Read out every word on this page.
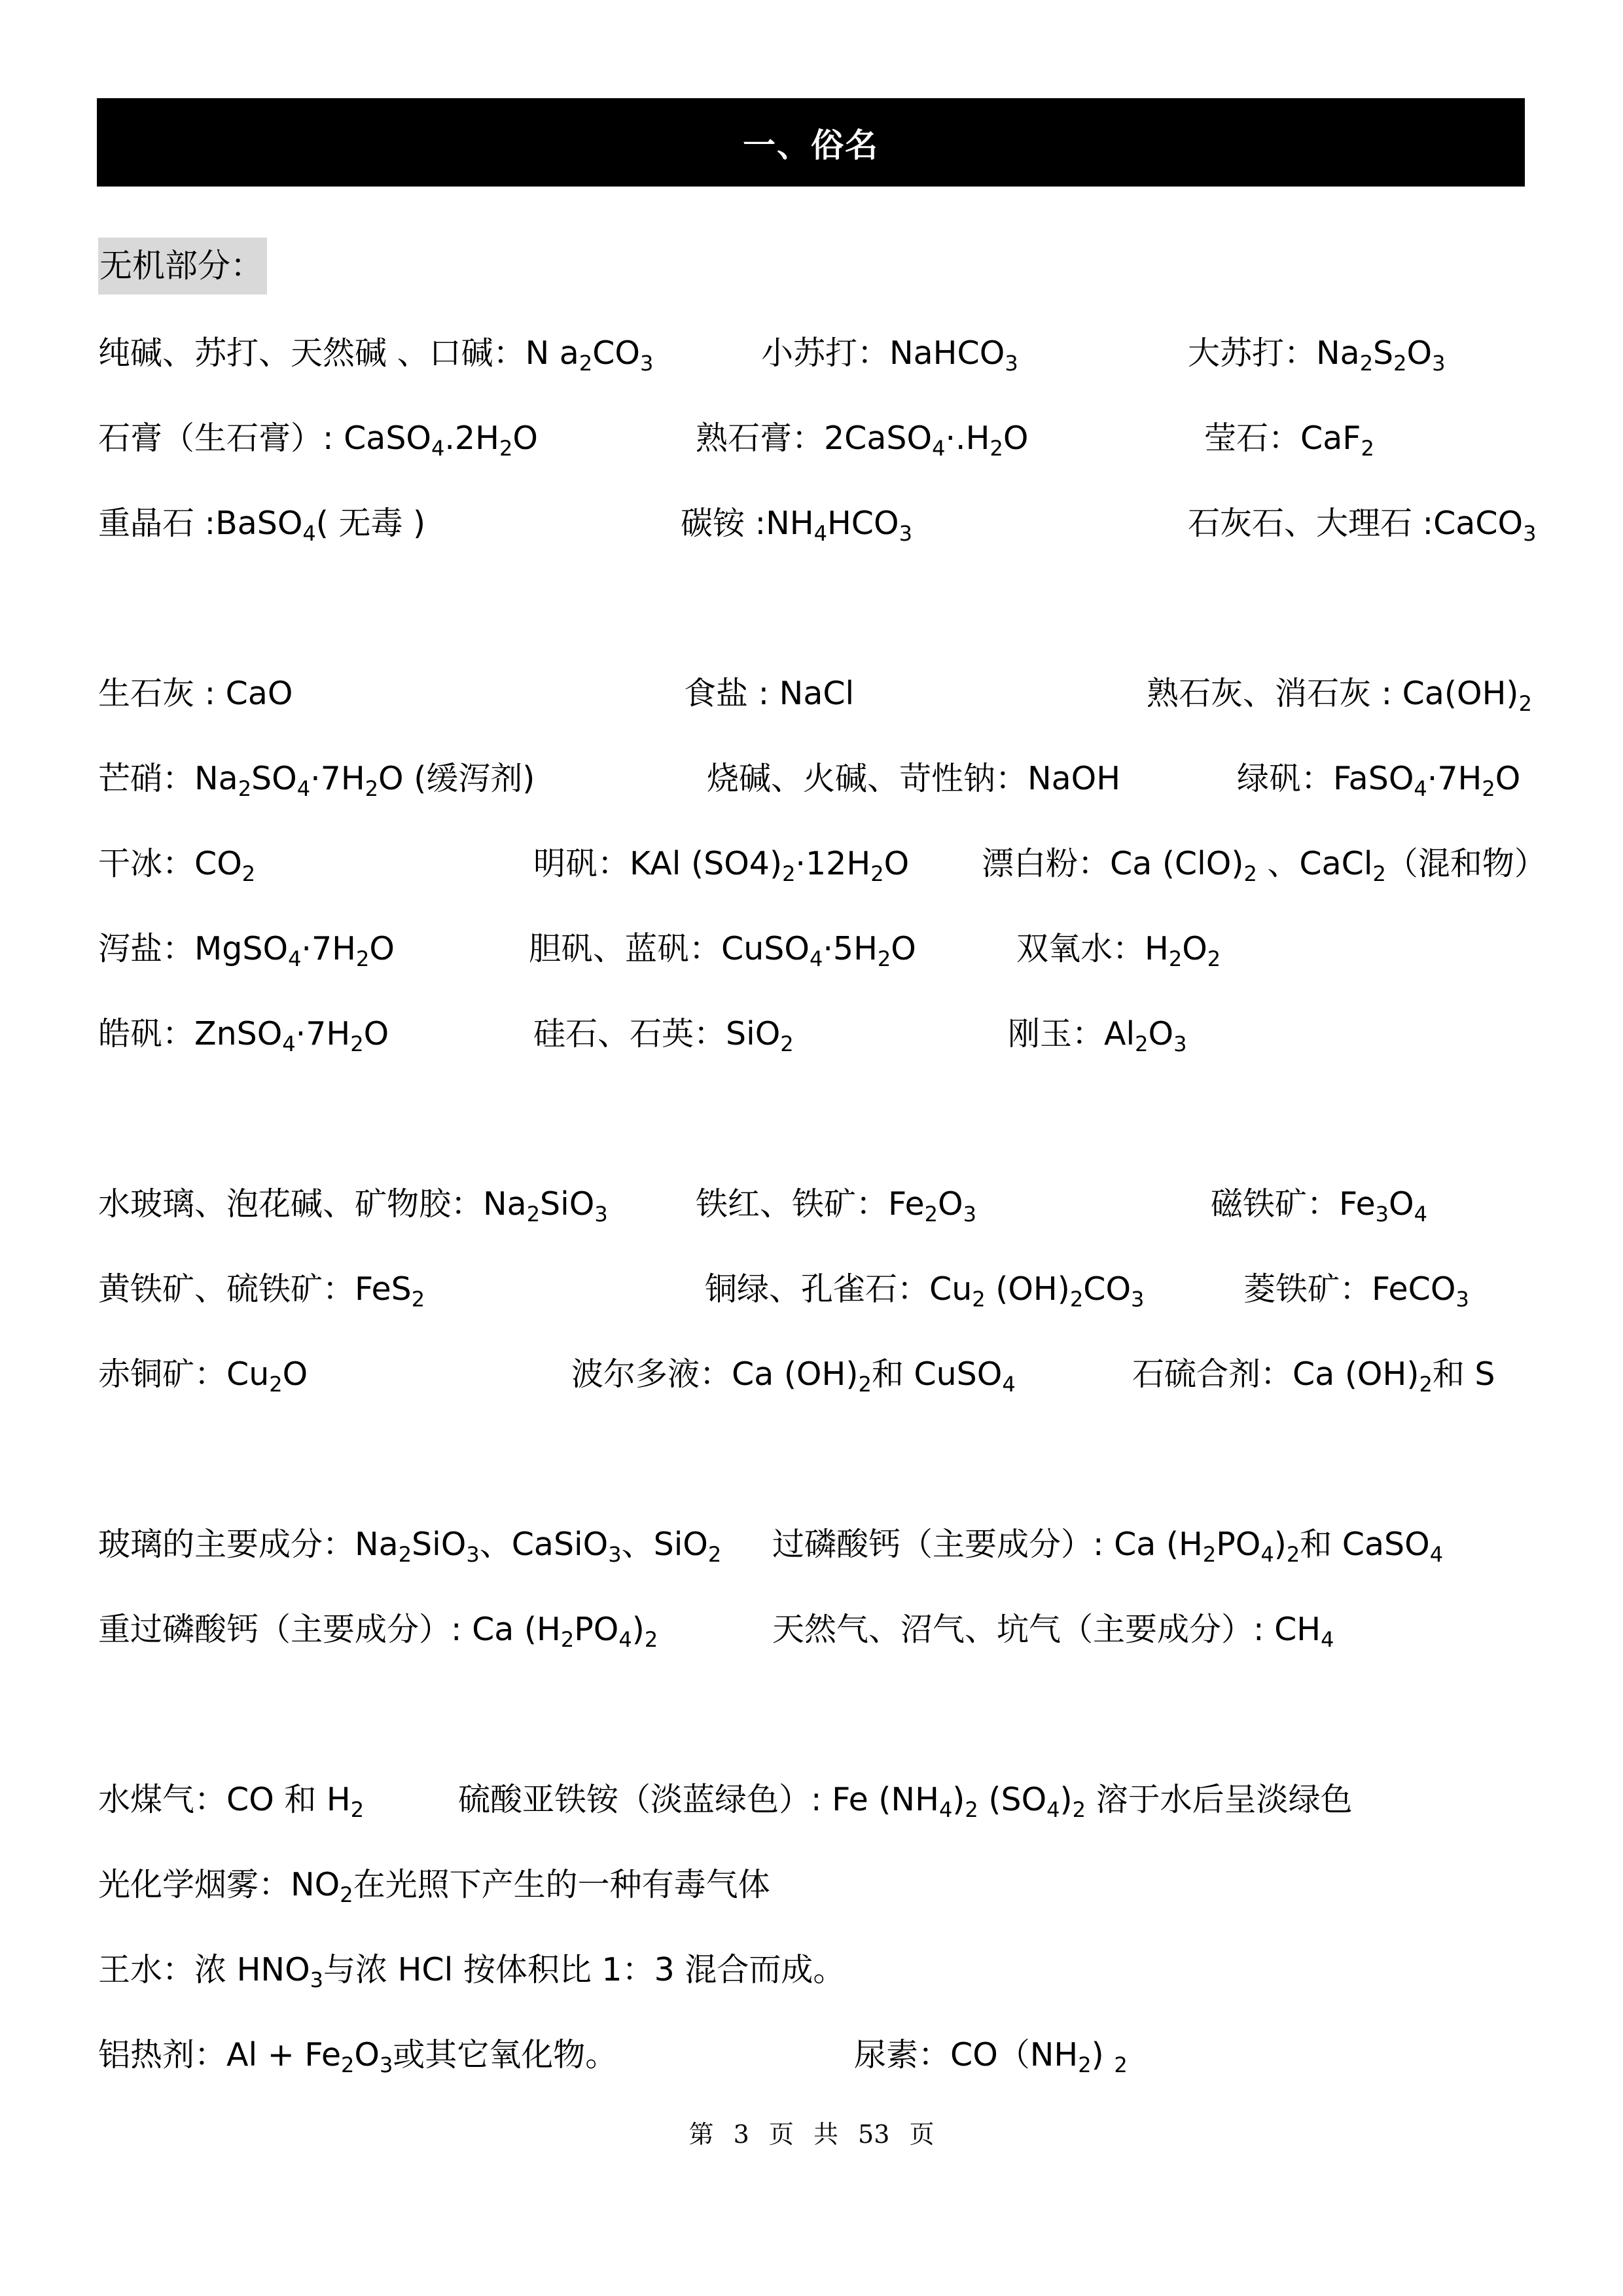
一、俗名
无机部分：
纯碱、苏打、天然碱 、口碱：N $a_2CO_3$	小苏打：NaHCO$_3$	大苏打：$Na_2S_2O_3$
石膏（生石膏）: $CaSO_4.2H_2O$	熟石膏：$2CaSO_4\cdot.H_2O$	莹石：CaF$_2$
重晶石 :BaSO$_4$( 无毒 )	碳铵 $:NH_4HCO_3$	石灰石、大理石 :CaCO$_3$
生石灰 : CaO	食盐 : NaCl	熟石灰、消石灰 : $Ca(OH)_2$
芒硝：$Na_2SO_4\cdot 7H_2O$ (缓泻剂)	烧碱、火碱、苛性钠：NaOH	绿矾：$FaSO_4\cdot 7H_2O$
干冰：$CO_2$	明矾：KAl $(SO4)_2\cdot 12H_2O$ 漂白粉：Ca $(ClO)_2$ 、CaCl$_2$（混和物）
泻盐：$MgSO_4\cdot 7H_2O$	胆矾、蓝矾：$CuSO_4\cdot 5H_2O$	双氧水：$H_2O_2$
皓矾：$ZnSO_4\cdot 7H_2O$	硅石、石英：SiO$_2$	刚玉：$Al_2O_3$
水玻璃、泡花碱、矿物胶：$Na_2SiO_3$	铁红、铁矿：$Fe_2O_3$	磁铁矿：$Fe_3O_4$
黄铁矿、硫铁矿：FeS$_2$	铜绿、孔雀石：$Cu_2$ $(OH)_2CO_3$	菱铁矿：FeCO$_3$
赤铜矿：$Cu_2O$	波尔多液：Ca $(OH)_2$和 CuSO$_4$	石硫合剂：Ca $(OH)_2$和 S
玻璃的主要成分：$Na_2SiO_3$、CaSiO$_3$、SiO$_2$ 过磷酸钙（主要成分）: Ca $(H_2PO_4)_2$和 CaSO$_4$
重过磷酸钙（主要成分）: Ca $(H_2PO_4)_2$	天然气、沼气、坑气（主要成分）: $CH_4$
水煤气：CO 和 $H_2$	硫酸亚铁铵（淡蓝绿色）: Fe $(NH_4)_2$ $(SO_4)_2$ 溶于水后呈淡绿色
光化学烟雾：$NO_2$在光照下产生的一种有毒气体
王水：浓 $HNO_3$与浓 HCl 按体积比 1：3 混合而成。
铝热剂：$Al + Fe_2O_3$或其它氧化物。	尿素：$CO(NH_2)$ $_2$
第 3 页 共 53 页
